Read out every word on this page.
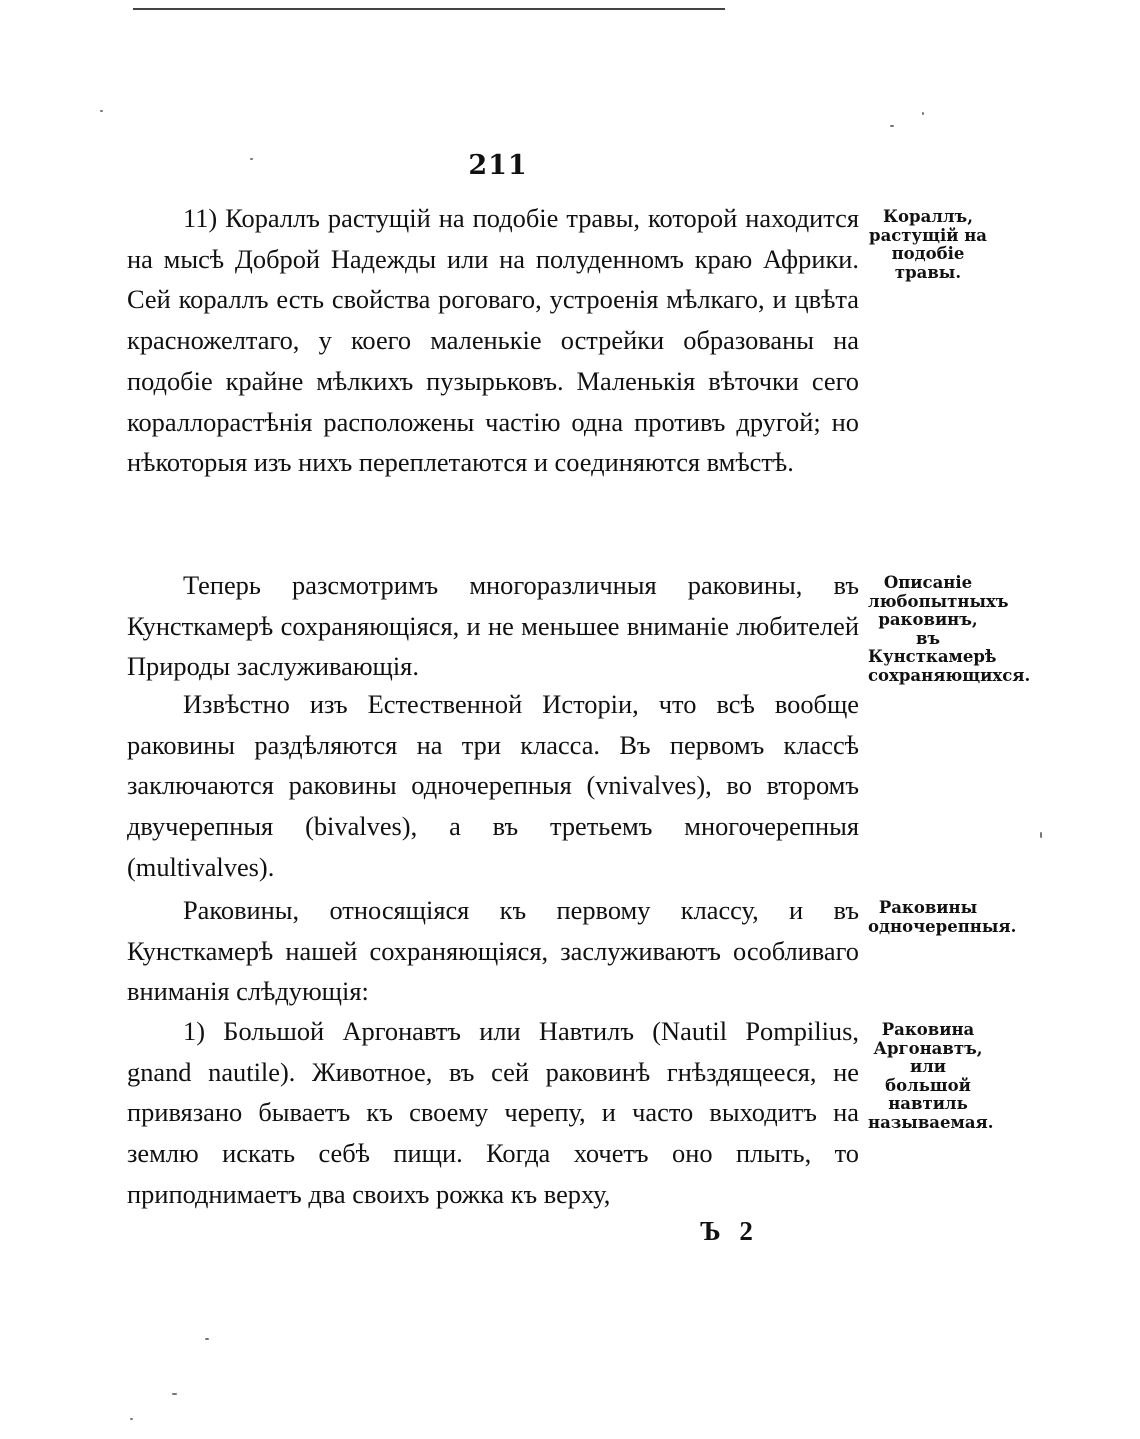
211

11) Кораллъ растущій на подобіе травы, которой находится на мысѣ Доброй Надежды или на полуденномъ краю Африки. Сей кораллъ есть свойства роговаго, устроенія мѣлкаго, и цвѣта красножелтаго, у коего маленькіе острейки образованы на подобіе крайне мѣлкихъ пузырьковъ. Маленькія вѣточки сего кораллорастѣнія расположены частію одна противъ другой; но нѣкоторыя изъ нихъ переплетаются и соединяются вмѣстѣ.

Теперь разсмотримъ многоразличныя раковины, въ Кунсткамерѣ сохраняющіяся, и не меньшее вниманіе любителей Природы заслуживающія.

Извѣстно изъ Естественной Исторіи, что всѣ вообще раковины раздѣляются на три класса. Въ первомъ классѣ заключаются раковины одночерепныя (vnivalves), во второмъ двучерепныя (bivalves), а въ третьемъ многочерепныя (multivalves).

Раковины, относящіяся къ первому классу, и въ Кунсткамерѣ нашей сохраняющіяся, заслуживаютъ особливаго вниманія слѣдующія:

1) Большой Аргонавтъ или Навтилъ (Nautil Pompilius, gnand nautile). Животное, въ сей раковинѣ гнѣздящееся, не привязано бываетъ къ своему черепу, и часто выходитъ на землю искать себѣ пищи. Когда хочетъ оно плыть, то приподнимаетъ два своихъ рожка къ верху,

Кораллъ, растущій на подобіе травы.
Описаніе любопытныхъ раковинъ, въ Кунсткамерѣ сохраняющихся.
Раковины одночерепныя.
Раковина Аргонавтъ, или большой навтиль называемая.
Ъ 2
